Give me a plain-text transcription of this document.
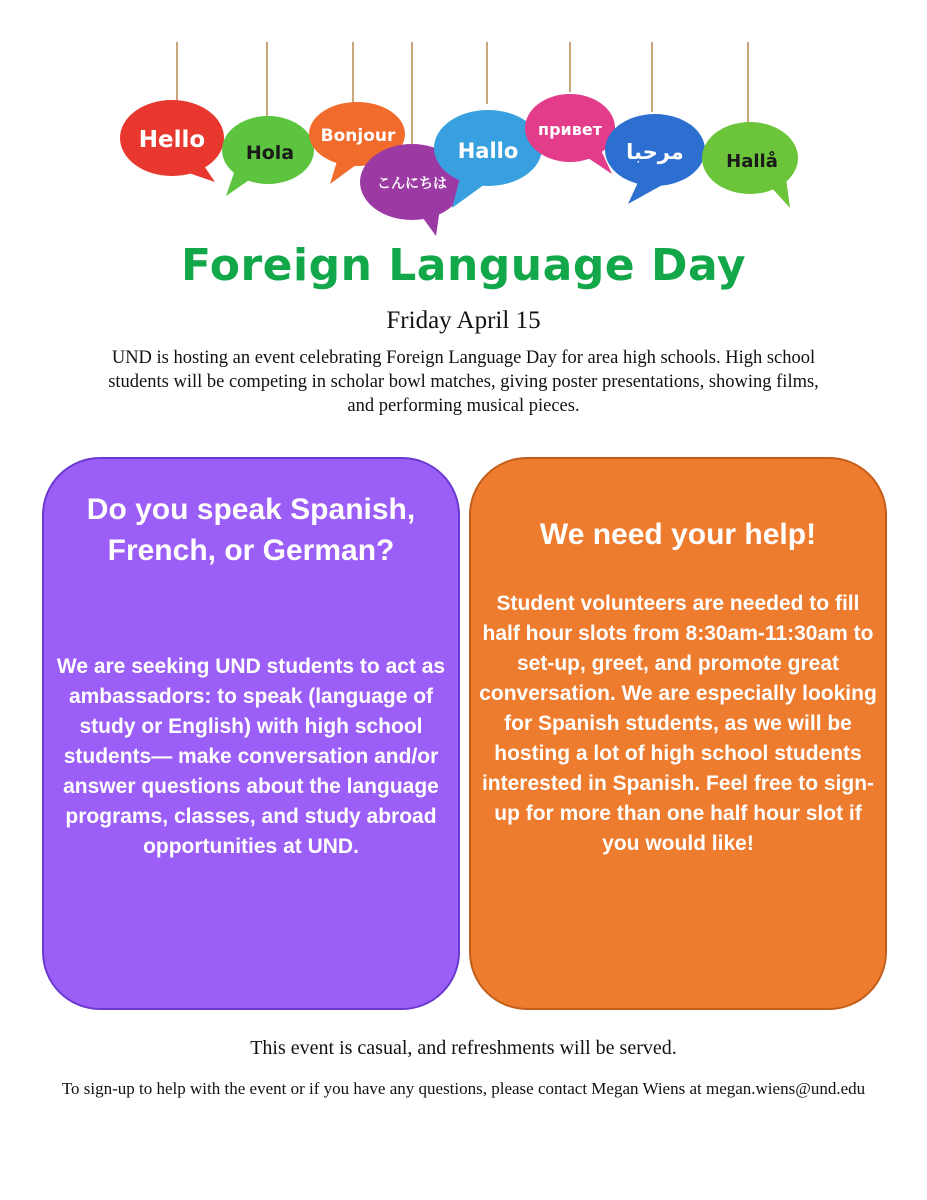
Hello Hola
Bonjour
こんにちは
Hallo
привет
مرحبا Hallå
Foreign Language Day
Friday April 15
UND is hosting an event celebrating Foreign Language Day for area high schools. High school students will be competing in scholar bowl matches, giving poster presentations, showing films, and performing musical pieces.
Do you speak Spanish, French, or German?
We are seeking UND students to act as ambassadors: to speak (language of study or English) with high school students— make conversation and/or answer questions about the language programs, classes, and study abroad opportunities at UND.
We need your help!
Student volunteers are needed to fill half hour slots from 8:30am-11:30am to set-up, greet, and promote great conversation. We are especially looking for Spanish students, as we will be hosting a lot of high school students interested in Spanish. Feel free to sign-up for more than one half hour slot if you would like!
This event is casual, and refreshments will be served.
To sign-up to help with the event or if you have any questions, please contact Megan Wiens at megan.wiens@und.edu
